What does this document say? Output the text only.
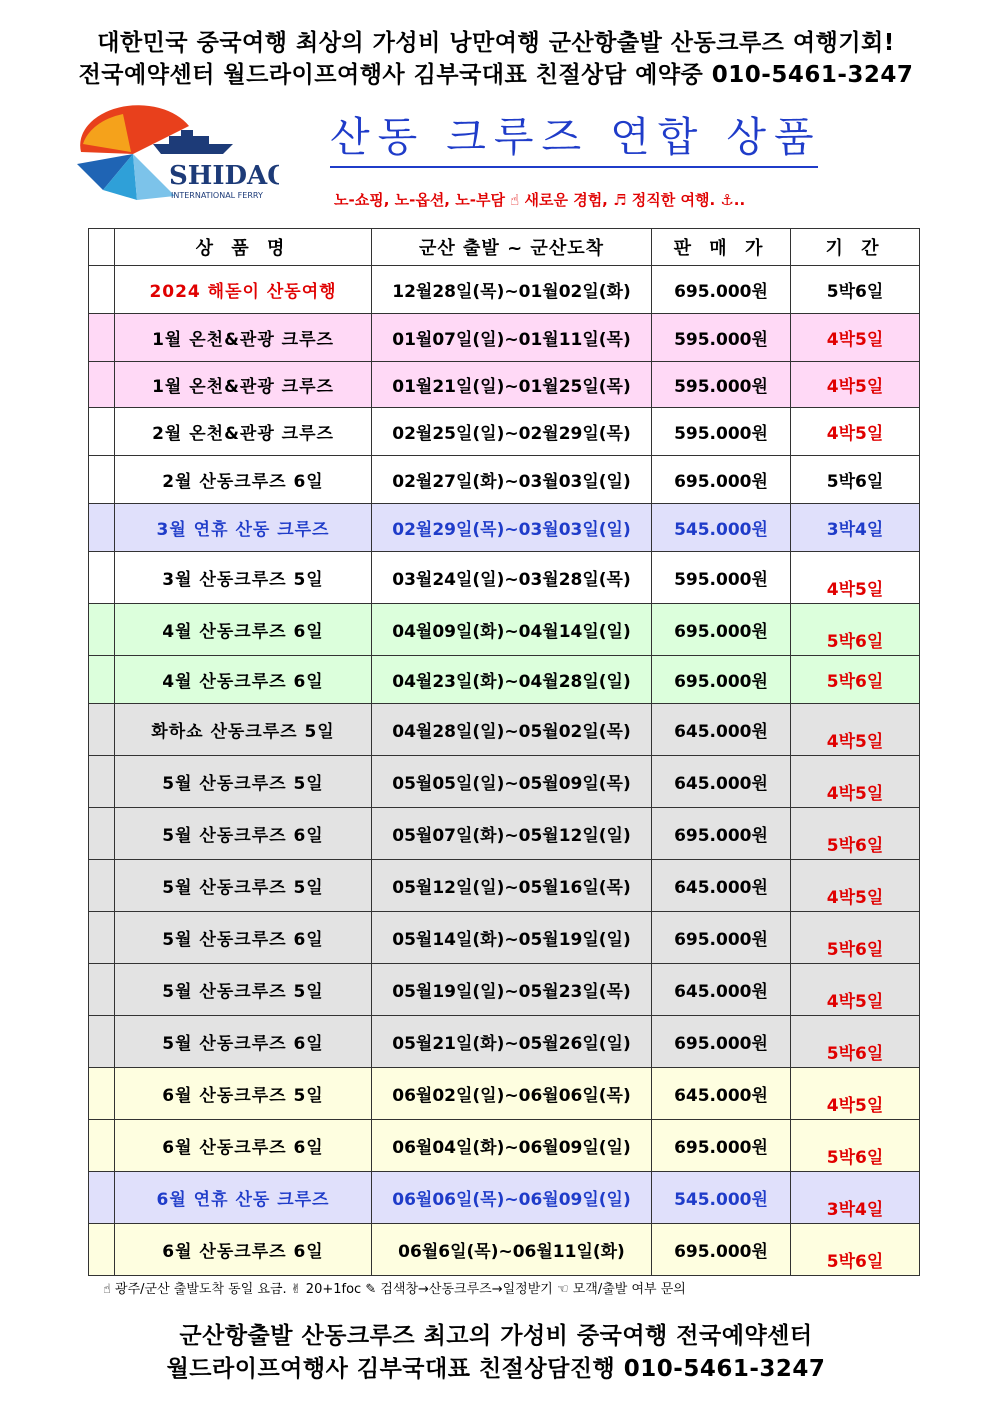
대한민국 중국여행 최상의 가성비 낭만여행 군산항출발 산동크루즈 여행기회!
전국예약센터 월드라이프여행사 김부국대표 친절상담 예약중 010-5461-3247
SHIDAO
INTERNATIONAL FERRY
산동 크루즈 연합 상품
노-쇼핑, 노-옵션, 노-부담 ☝ 새로운 경험, ♬ 정직한 여행. ⚓..
	상 품 명	군산 출발 ~ 군산도착	판 매 가	기 간
	2024 해돋이 산동여행	12월28일(목)~01월02일(화)	695.000원	5박6일
	1월 온천&관광 크루즈	01월07일(일)~01월11일(목)	595.000원	4박5일
	1월 온천&관광 크루즈	01월21일(일)~01월25일(목)	595.000원	4박5일
	2월 온천&관광 크루즈	02월25일(일)~02월29일(목)	595.000원	4박5일
	2월 산동크루즈 6일	02월27일(화)~03월03일(일)	695.000원	5박6일
	3월 연휴 산동 크루즈	02월29일(목)~03월03일(일)	545.000원	3박4일
	3월 산동크루즈 5일	03월24일(일)~03월28일(목)	595.000원	4박5일
	4월 산동크루즈 6일	04월09일(화)~04월14일(일)	695.000원	5박6일
	4월 산동크루즈 6일	04월23일(화)~04월28일(일)	695.000원	5박6일
	화하쇼 산동크루즈 5일	04월28일(일)~05월02일(목)	645.000원	4박5일
	5월 산동크루즈 5일	05월05일(일)~05월09일(목)	645.000원	4박5일
	5월 산동크루즈 6일	05월07일(화)~05월12일(일)	695.000원	5박6일
	5월 산동크루즈 5일	05월12일(일)~05월16일(목)	645.000원	4박5일
	5월 산동크루즈 6일	05월14일(화)~05월19일(일)	695.000원	5박6일
	5월 산동크루즈 5일	05월19일(일)~05월23일(목)	645.000원	4박5일
	5월 산동크루즈 6일	05월21일(화)~05월26일(일)	695.000원	5박6일
	6월 산동크루즈 5일	06월02일(일)~06월06일(목)	645.000원	4박5일
	6월 산동크루즈 6일	06월04일(화)~06월09일(일)	695.000원	5박6일
	6월 연휴 산동 크루즈	06월06일(목)~06월09일(일)	545.000원	3박4일
	6월 산동크루즈 6일	06월6일(목)~06월11일(화)	695.000원	5박6일
☝ 광주/군산 출발도착 동일 요금. ✌ 20+1foc ✎ 검색창→산동크루즈→일정받기 ☜ 모객/출발 여부 문의
군산항출발 산동크루즈 최고의 가성비 중국여행 전국예약센터
월드라이프여행사 김부국대표 친절상담진행 010-5461-3247
